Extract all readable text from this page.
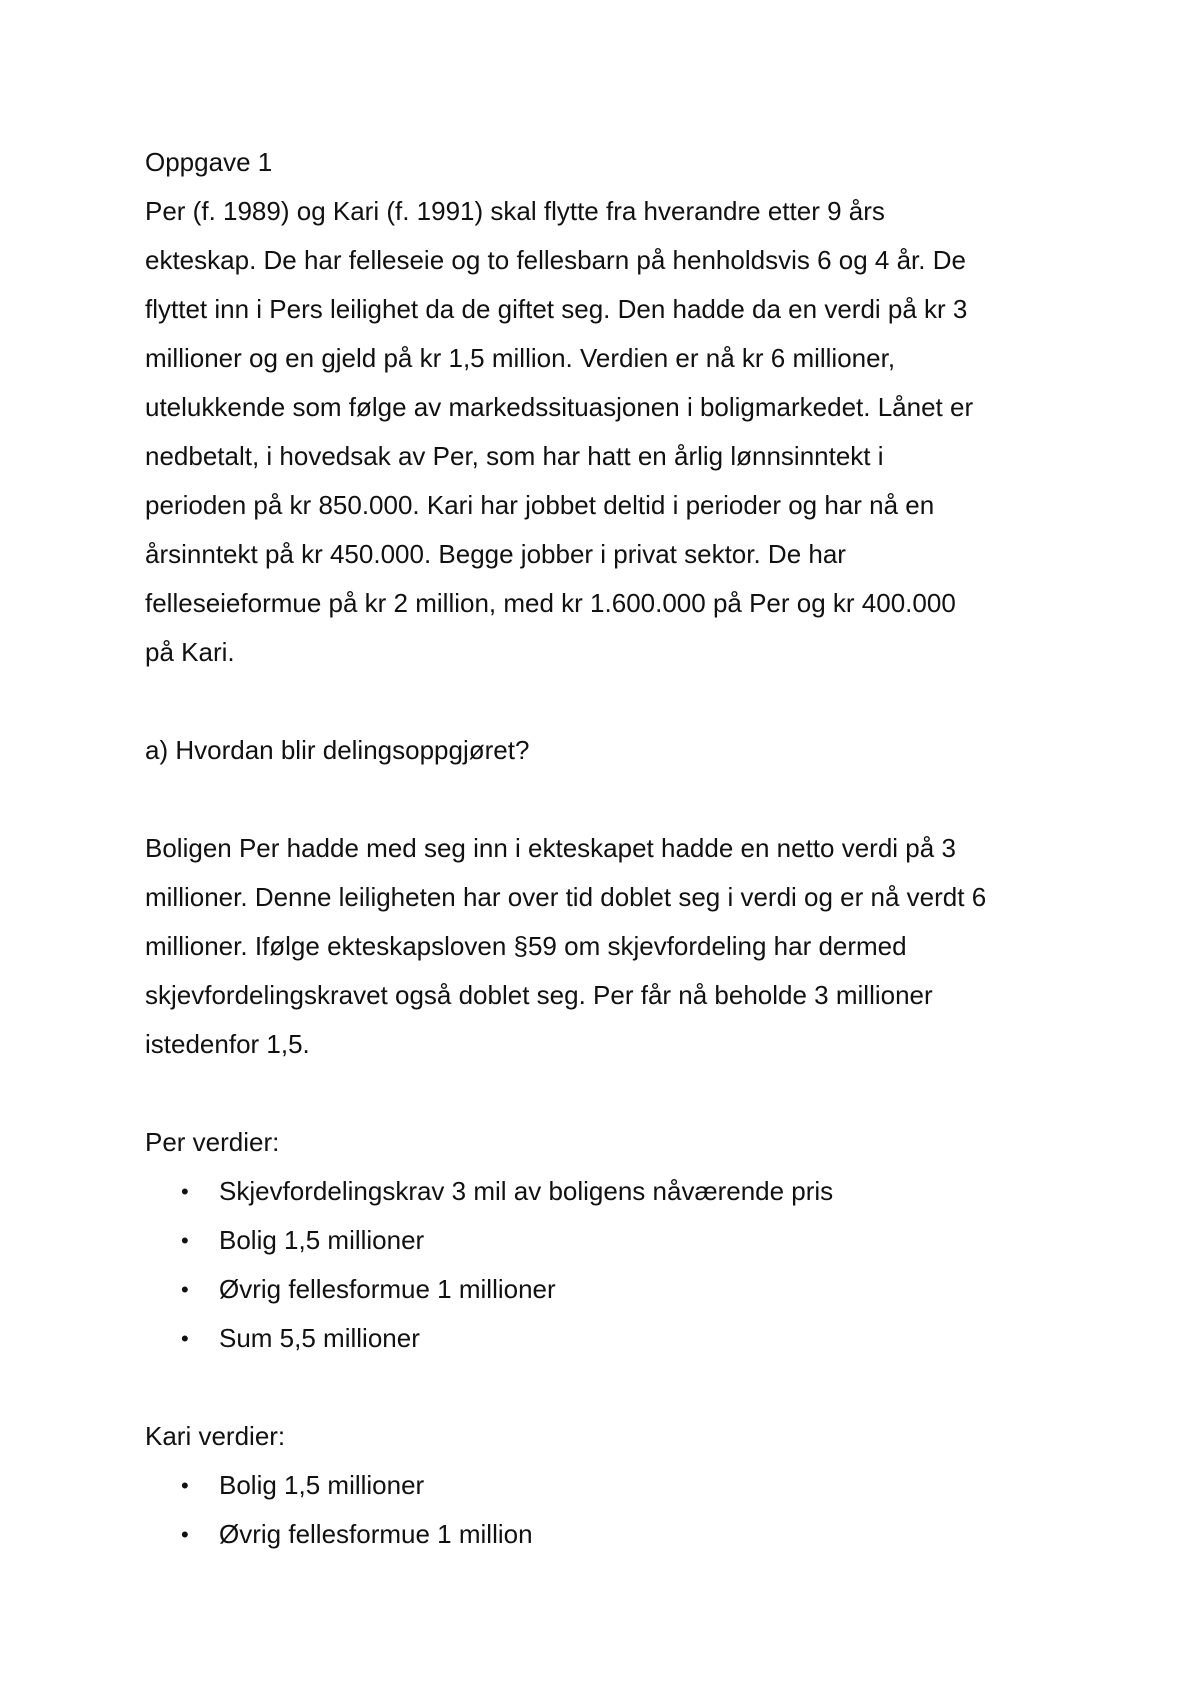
Oppgave 1

Per (f. 1989) og Kari (f. 1991) skal flytte fra hverandre etter 9 års

ekteskap. De har felleseie og to fellesbarn på henholdsvis 6 og 4 år. De

flyttet inn i Pers leilighet da de giftet seg. Den hadde da en verdi på kr 3

millioner og en gjeld på kr 1,5 million. Verdien er nå kr 6 millioner,

utelukkende som følge av markedssituasjonen i boligmarkedet. Lånet er

nedbetalt, i hovedsak av Per, som har hatt en årlig lønnsinntekt i

perioden på kr 850.000. Kari har jobbet deltid i perioder og har nå en

årsinntekt på kr 450.000. Begge jobber i privat sektor. De har

felleseieformue på kr 2 million, med kr 1.600.000 på Per og kr 400.000

på Kari.

a) Hvordan blir delingsoppgjøret?

Boligen Per hadde med seg inn i ekteskapet hadde en netto verdi på 3

millioner. Denne leiligheten har over tid doblet seg i verdi og er nå verdt 6

millioner. Ifølge ekteskapsloven §59 om skjevfordeling har dermed

skjevfordelingskravet også doblet seg. Per får nå beholde 3 millioner

istedenfor 1,5.

Per verdier:

• Skjevfordelingskrav 3 mil av boligens nåværende pris
• Bolig 1,5 millioner
• Øvrig fellesformue 1 millioner
• Sum 5,5 millioner

Kari verdier:

• Bolig 1,5 millioner
• Øvrig fellesformue 1 million
